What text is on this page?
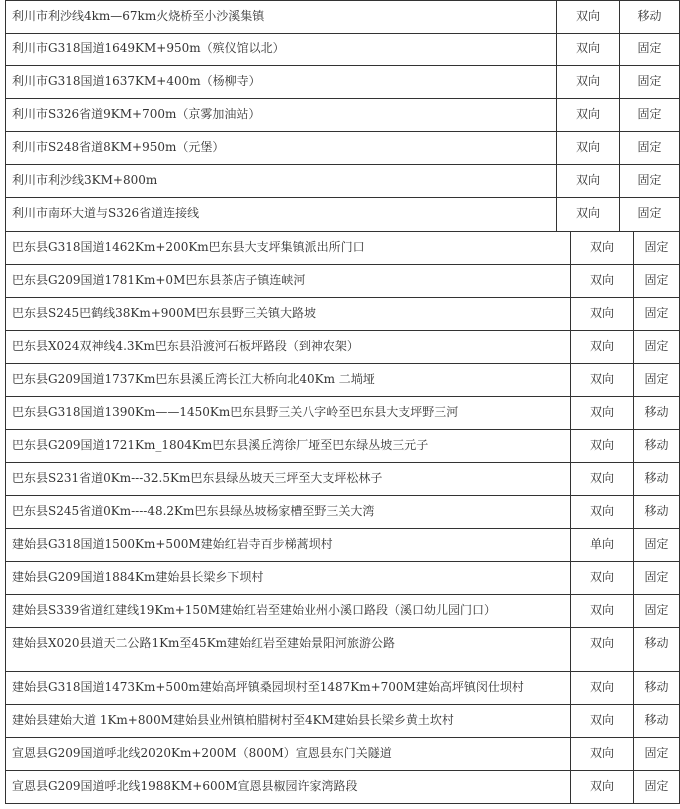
利川市利沙线4km—67km火烧桥至小沙溪集镇	双向	移动
利川市G318国道1649KM+950m（殡仪馆以北）	双向	固定
利川市G318国道1637KM+400m（杨柳寺）	双向	固定
利川市S326省道9KM+700m（京雾加油站）	双向	固定
利川市S248省道8KM+950m（元堡）	双向	固定
利川市利沙线3KM+800m	双向	固定
利川市南环大道与S326省道连接线	双向	固定
巴东县G318国道1462Km+200Km巴东县大支坪集镇派出所门口	双向	固定
巴东县G209国道1781Km+0M巴东县茶店子镇连峡河	双向	固定
巴东县S245巴鹤线38Km+900M巴东县野三关镇大路坡	双向	固定
巴东县X024双神线4.3Km巴东县沿渡河石板坪路段（到神农架）	双向	固定
巴东县G209国道1737Km巴东县溪丘湾长江大桥向北40Km 二埫垭	双向	固定
巴东县G318国道1390Km——1450Km巴东县野三关八字岭至巴东县大支坪野三河	双向	移动
巴东县G209国道1721Km_1804Km巴东县溪丘湾徐厂垭至巴东绿丛坡三元子	双向	移动
巴东县S231省道0Km---32.5Km巴东县绿丛坡天三坪至大支坪松林子	双向	移动
巴东县S245省道0Km----48.2Km巴东县绿丛坡杨家槽至野三关大湾	双向	移动
建始县G318国道1500Km+500M建始红岩寺百步梯蒿坝村	单向	固定
建始县G209国道1884Km建始县长梁乡下坝村	双向	固定
建始县S339省道红建线19Km+150M建始红岩至建始业州小溪口路段（溪口幼儿园门口）	双向	固定
建始县X020县道天二公路1Km至45Km建始红岩至建始景阳河旅游公路	双向	移动
建始县G318国道1473Km+500m建始高坪镇桑园坝村至1487Km+700M建始高坪镇闵仕坝村	双向	移动
建始县建始大道 1Km+800M建始县业州镇柏腊树村至4KM建始县长梁乡黄土坎村	双向	移动
宣恩县G209国道呼北线2020Km+200M（800M）宣恩县东门关隧道	双向	固定
宣恩县G209国道呼北线1988KM+600M宣恩县椒园许家湾路段	双向	固定
